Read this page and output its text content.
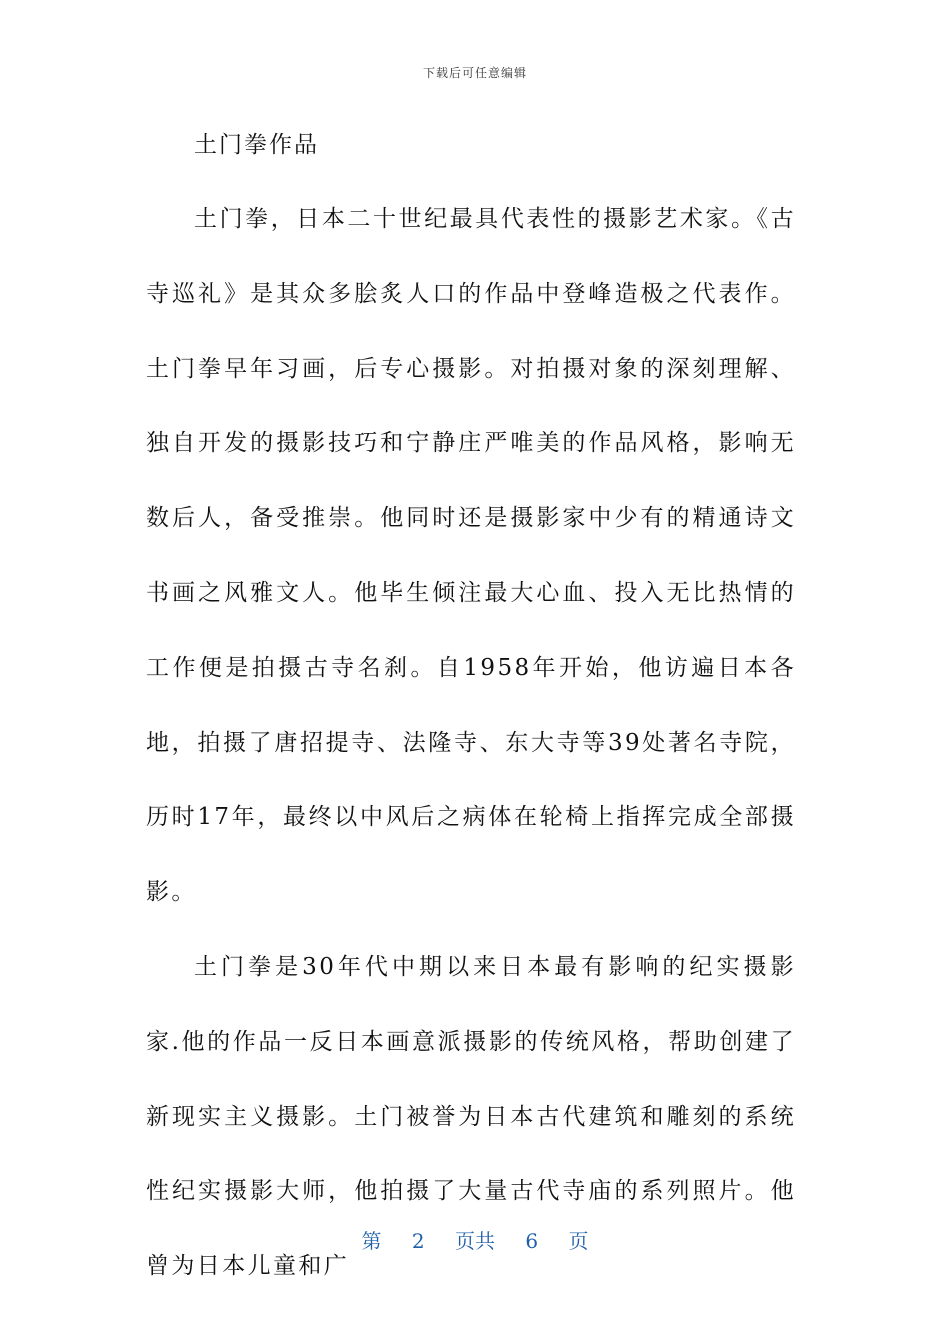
下载后可任意编辑
土门拳作品

土门拳，日本二十世纪最具代表性的摄影艺术家。《古寺巡礼》是其众多脍炙人口的作品中登峰造极之代表作。土门拳早年习画，后专心摄影。对拍摄对象的深刻理解、独自开发的摄影技巧和宁静庄严唯美的作品风格，影响无数后人，备受推崇。他同时还是摄影家中少有的精通诗文书画之风雅文人。他毕生倾注最大心血、投入无比热情的工作便是拍摄古寺名刹。自1958年开始，他访遍日本各地，拍摄了唐招提寺、法隆寺、东大寺等39处著名寺院，历时17年，最终以中风后之病体在轮椅上指挥完成全部摄影。

土门拳是30年代中期以来日本最有影响的纪实摄影家.他的作品一反日本画意派摄影的传统风格，帮助创建了新现实主义摄影。土门被誉为日本古代建筑和雕刻的系统性纪实摄影大师，他拍摄了大量古代寺庙的系列照片。他曾为日本儿童和广

第 2 页共 6 页
